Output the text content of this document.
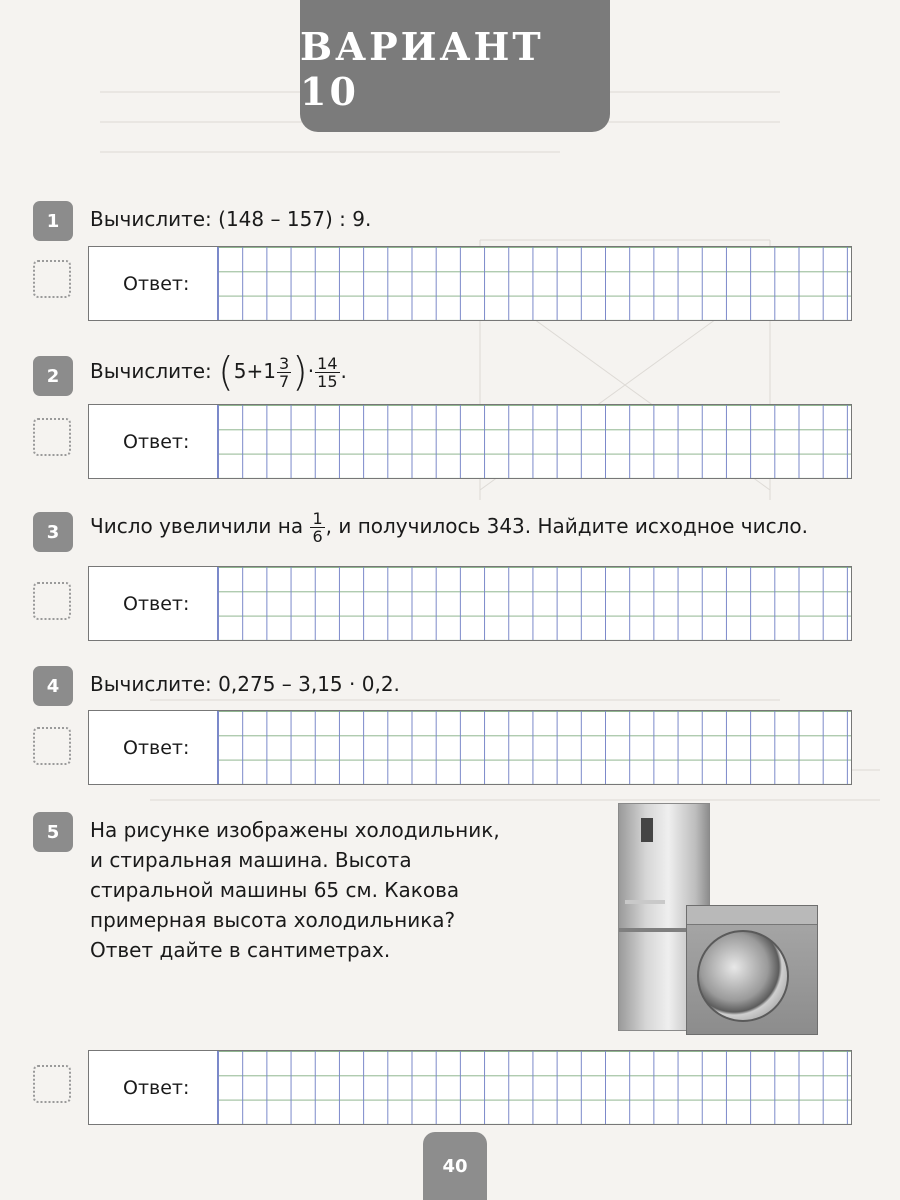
ВАРИАНТ 10
1	Вычислите: (148 – 157) : 9.
Ответ:
2	Вычислите: ($5+1 \frac{3}{7}$ )· $\frac{14}{15}$ .
Ответ:
3	Число увеличили на $\frac{1}{6}$ , и получилось 343. Найдите исходное число.
Ответ:
4	Вычислите: 0,275 – 3,15 · 0,2.
Ответ:
5	На рисунке изображены холодильник,
и стиральная машина. Высота
стиральной машины 65 см. Какова
примерная высота холодильника?
Ответ дайте в сантиметрах.
Ответ:
40
